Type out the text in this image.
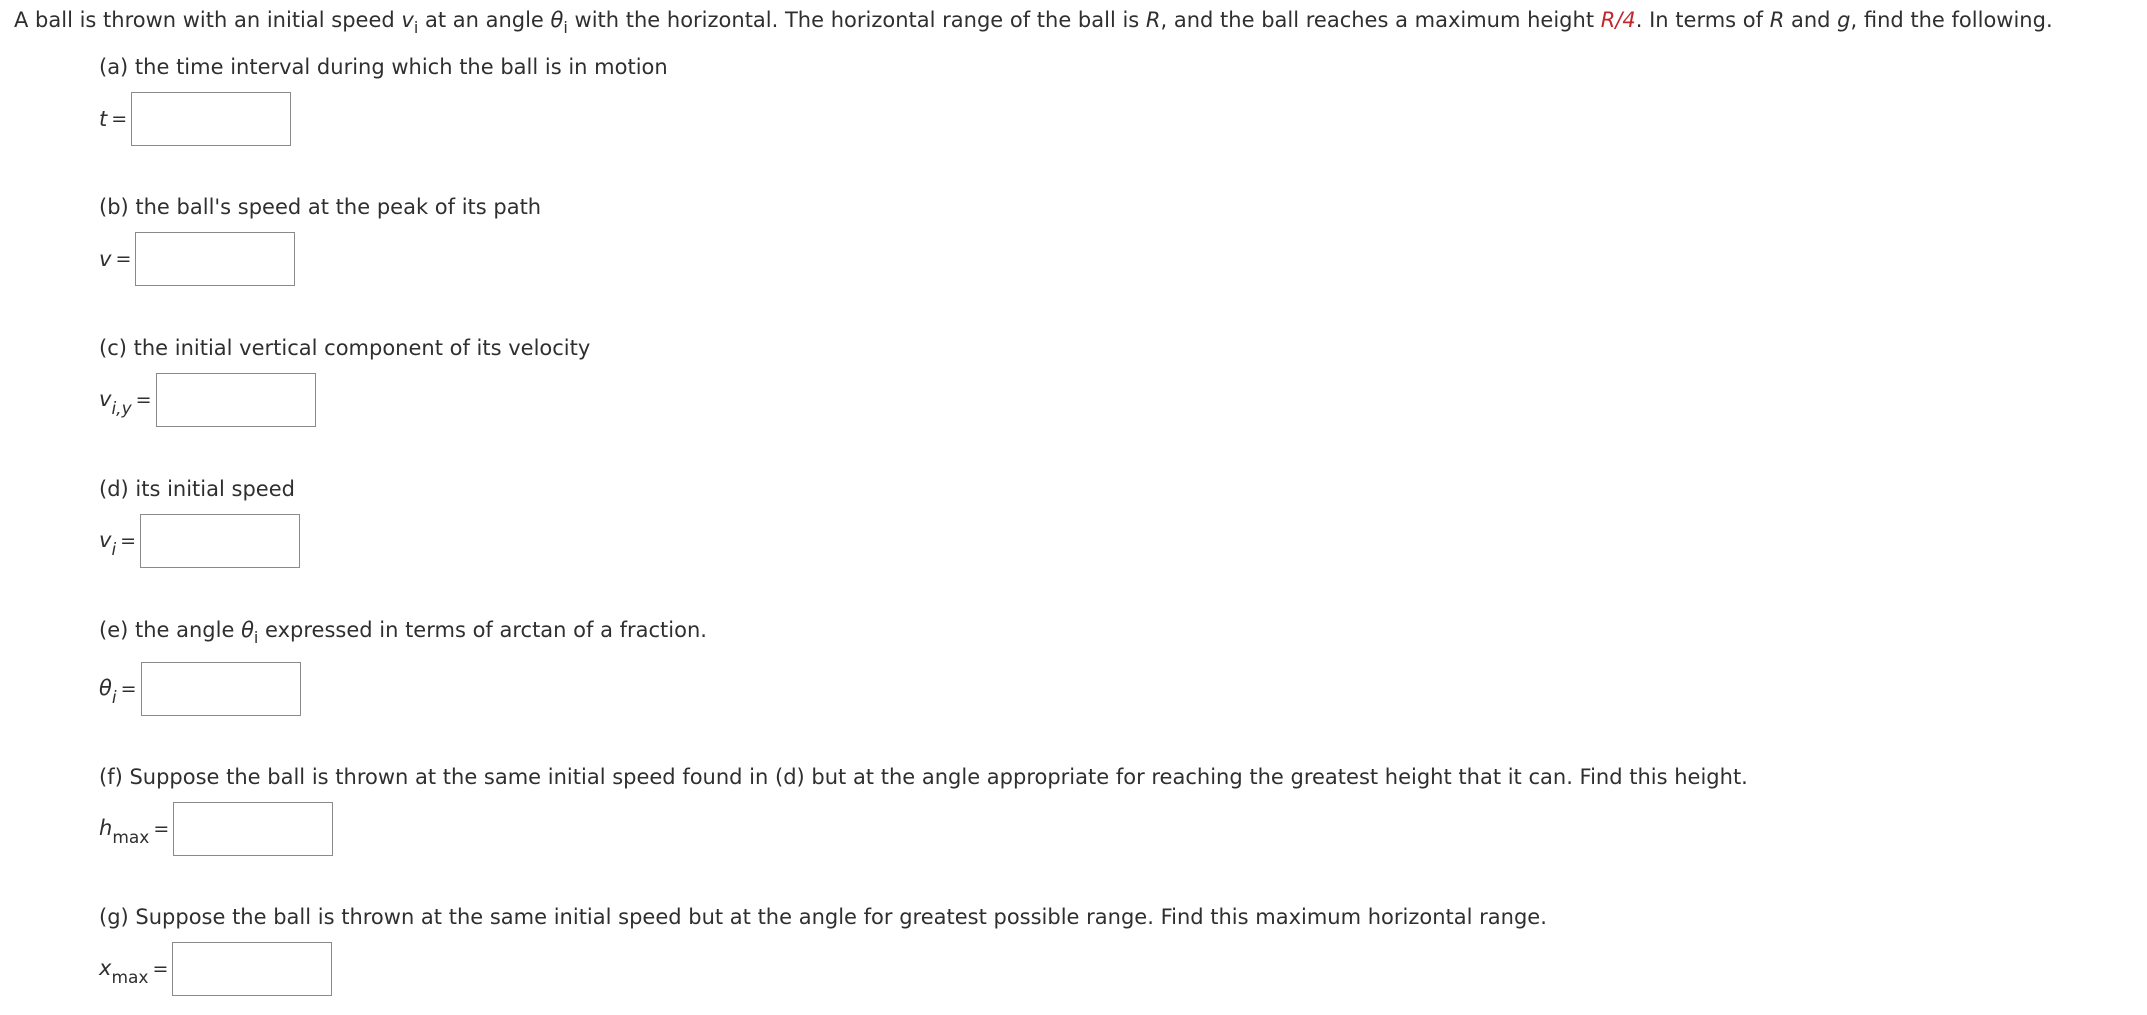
A ball is thrown with an initial speed $v_i$ at an angle $\theta_i$ with the horizontal. The horizontal range of the ball is R, and the ball reaches a maximum height R/4. In terms of R and g, find the following.
(a) the time interval during which the ball is in motion
t =
(b) the ball's speed at the peak of its path
v =
(c) the initial vertical component of its velocity
$v_{i,y}$ =
(d) its initial speed
$v_i$ =
(e) the angle $\theta_i$ expressed in terms of arctan of a fraction.
$\theta_i$ =
(f) Suppose the ball is thrown at the same initial speed found in (d) but at the angle appropriate for reaching the greatest height that it can. Find this height.
$h_{max}$ =
(g) Suppose the ball is thrown at the same initial speed but at the angle for greatest possible range. Find this maximum horizontal range.
$x_{max}$ =
